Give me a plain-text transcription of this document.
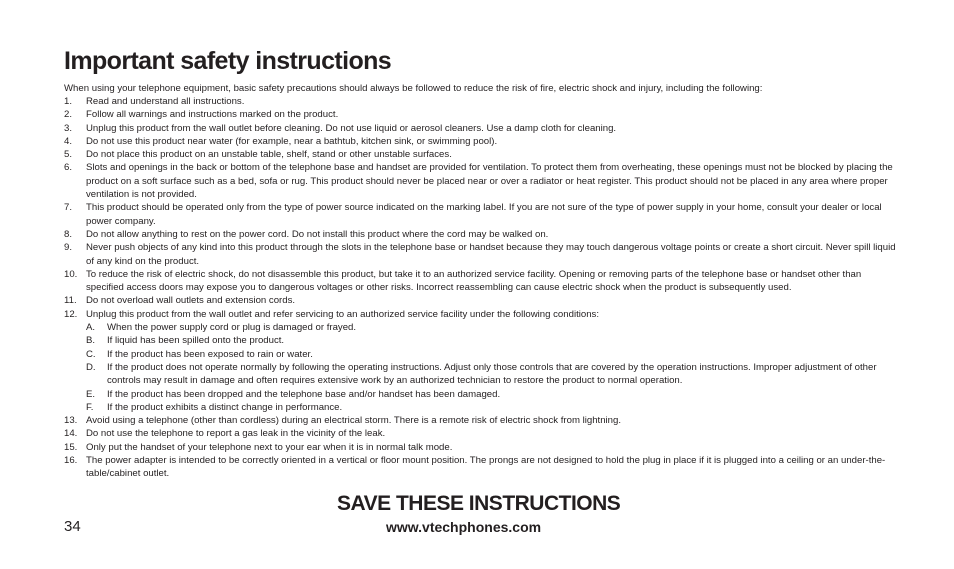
Important safety instructions

When using your telephone equipment, basic safety precautions should always be followed to reduce the risk of fire, electric shock and injury, including the following:

1.	Read and understand all instructions.
2.	Follow all warnings and instructions marked on the product.
3.	Unplug this product from the wall outlet before cleaning. Do not use liquid or aerosol cleaners. Use a damp cloth for cleaning.
4.	Do not use this product near water (for example, near a bathtub, kitchen sink, or swimming pool).
5.	Do not place this product on an unstable table, shelf, stand or other unstable surfaces.
6.	Slots and openings in the back or bottom of the telephone base and handset are provided for ventilation. To protect them from overheating, these openings must not be blocked by placing the product on a soft surface such as a bed, sofa or rug. This product should never be placed near or over a radiator or heat register. This product should not be placed in any area where proper ventilation is not provided.
7.	This product should be operated only from the type of power source indicated on the marking label. If you are not sure of the type of power supply in your home, consult your dealer or local power company.
8.	Do not allow anything to rest on the power cord. Do not install this product where the cord may be walked on.
9.	Never push objects of any kind into this product through the slots in the telephone base or handset because they may touch dangerous voltage points or create a short circuit. Never spill liquid of any kind on the product.
10. To reduce the risk of electric shock, do not disassemble this product, but take it to an authorized service facility. Opening or removing parts of the telephone base or handset other than specified access doors may expose you to dangerous voltages or other risks. Incorrect reassembling can cause electric shock when the product is subsequently used.
11. Do not overload wall outlets and extension cords.
12. Unplug this product from the wall outlet and refer servicing to an authorized service facility under the following conditions:
A.	When the power supply cord or plug is damaged or frayed.
B.	If liquid has been spilled onto the product.
C.	If the product has been exposed to rain or water.
D.	If the product does not operate normally by following the operating instructions. Adjust only those controls that are covered by the operation instructions. Improper adjustment of other controls may result in damage and often requires extensive work by an authorized technician to restore the product to normal operation.
E.	If the product has been dropped and the telephone base and/or handset has been damaged.
F.	If the product exhibits a distinct change in performance.
13. Avoid using a telephone (other than cordless) during an electrical storm. There is a remote risk of electric shock from lightning.
14. Do not use the telephone to report a gas leak in the vicinity of the leak.
15. Only put the handset of your telephone next to your ear when it is in normal talk mode.
16. The power adapter is intended to be correctly oriented in a vertical or floor mount position. The prongs are not designed to hold the plug in place if it is plugged into a ceiling or an under-the-table/cabinet outlet.
SAVE THESE INSTRUCTIONS
34	www.vtechphones.com
